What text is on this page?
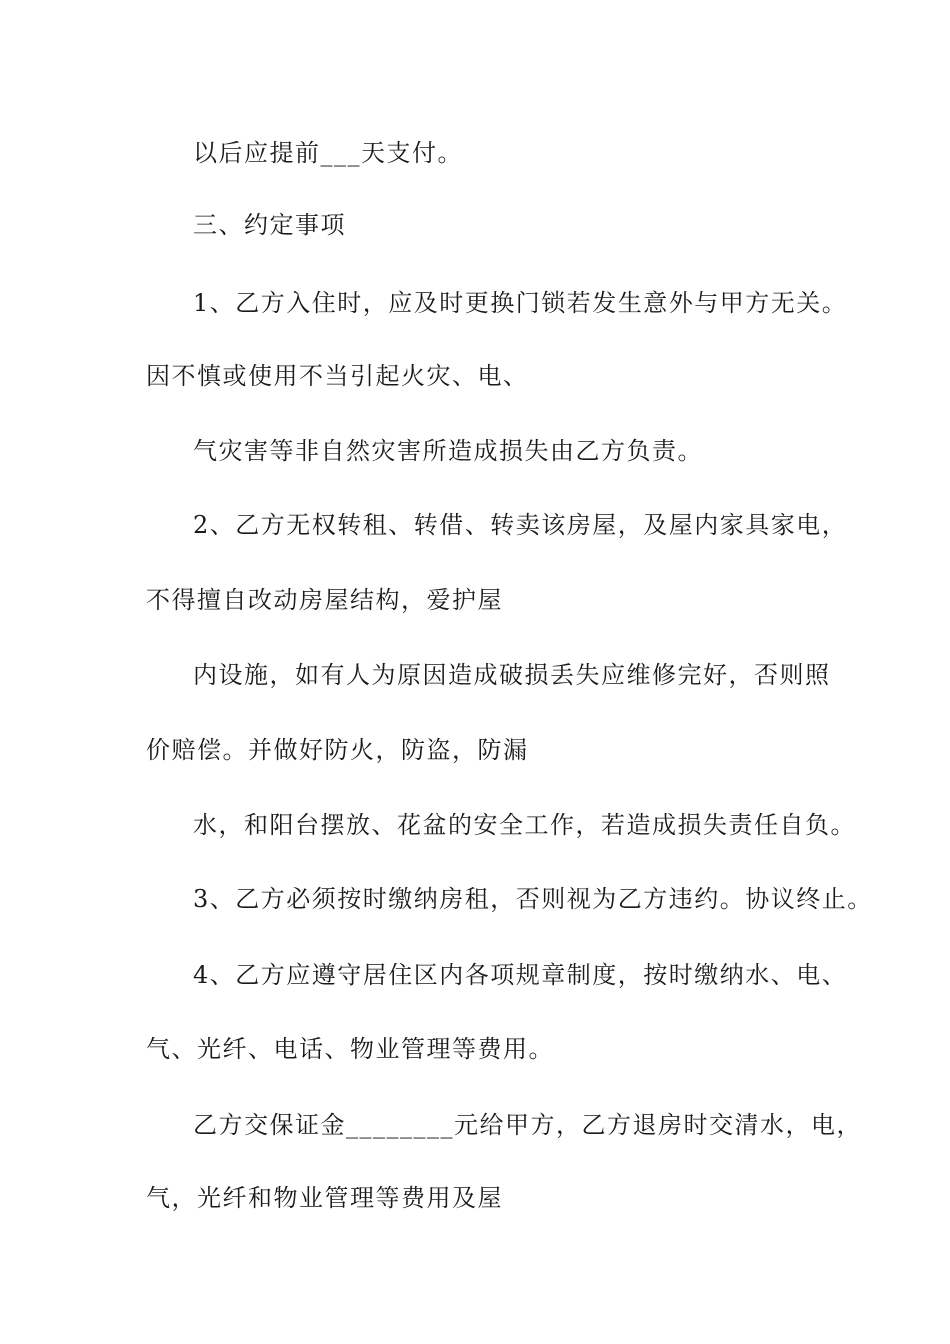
以后应提前___天支付。
三、约定事项
1、乙方入住时，应及时更换门锁若发生意外与甲方无关。
因不慎或使用不当引起火灾、电、
气灾害等非自然灾害所造成损失由乙方负责。
2、乙方无权转租、转借、转卖该房屋，及屋内家具家电，
不得擅自改动房屋结构，爱护屋
内设施，如有人为原因造成破损丢失应维修完好，否则照
价赔偿。并做好防火，防盗，防漏
水，和阳台摆放、花盆的安全工作，若造成损失责任自负。
3、乙方必须按时缴纳房租，否则视为乙方违约。协议终止。
4、乙方应遵守居住区内各项规章制度，按时缴纳水、电、
气、光纤、电话、物业管理等费用。
乙方交保证金________元给甲方，乙方退房时交清水，电，
气，光纤和物业管理等费用及屋
